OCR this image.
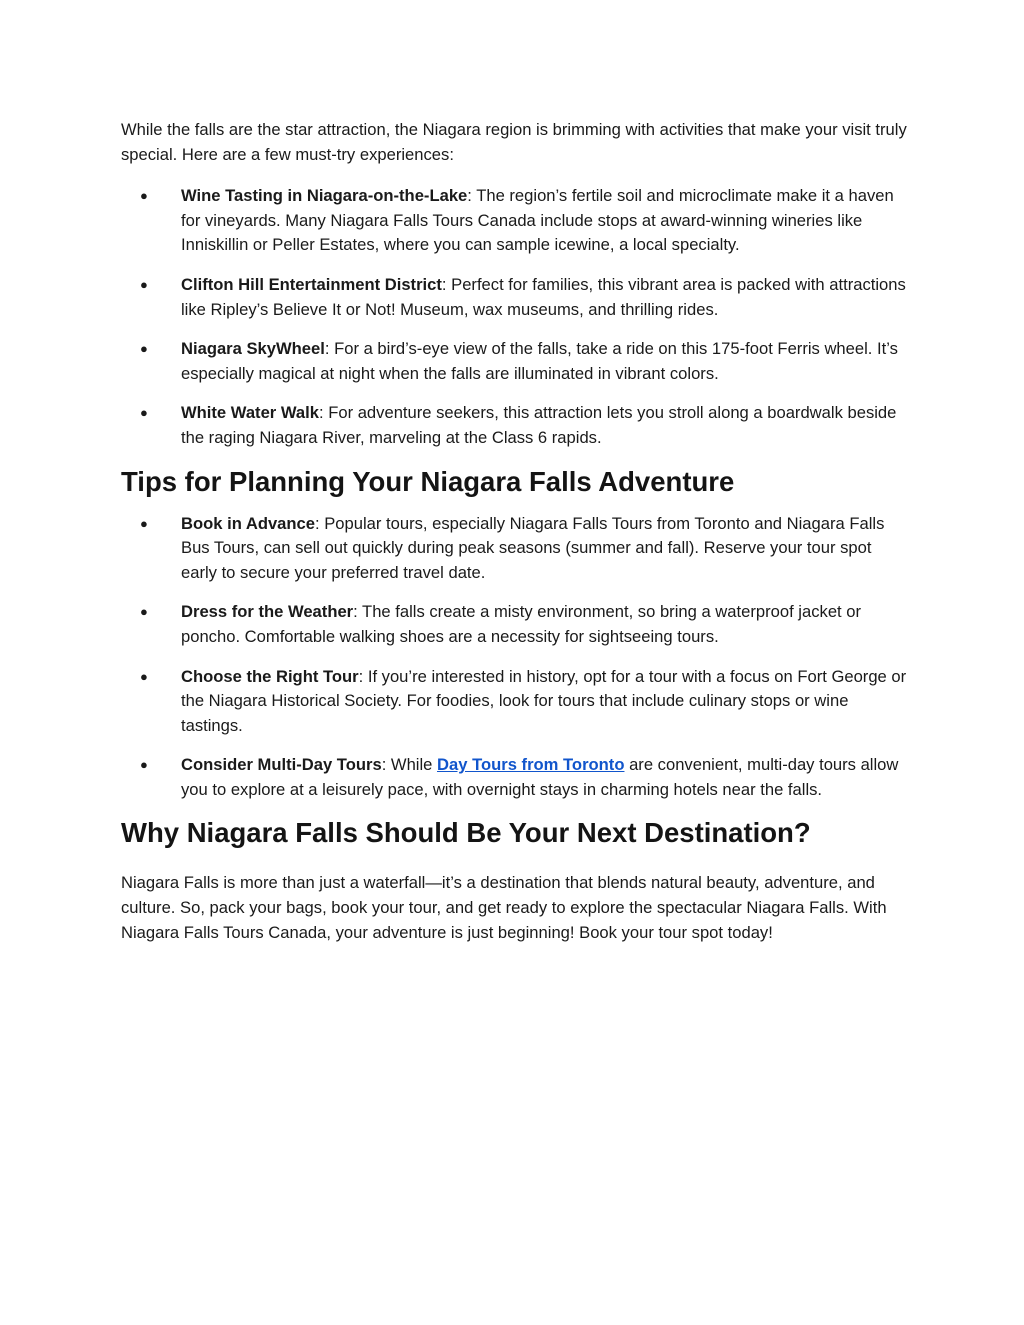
While the falls are the star attraction, the Niagara region is brimming with activities that make your visit truly special. Here are a few must-try experiences:

● Wine Tasting in Niagara-on-the-Lake: The region’s fertile soil and microclimate make it a haven for vineyards. Many Niagara Falls Tours Canada include stops at award-winning wineries like Inniskillin or Peller Estates, where you can sample icewine, a local specialty.
● Clifton Hill Entertainment District: Perfect for families, this vibrant area is packed with attractions like Ripley’s Believe It or Not! Museum, wax museums, and thrilling rides.
● Niagara SkyWheel: For a bird’s-eye view of the falls, take a ride on this 175-foot Ferris wheel. It’s especially magical at night when the falls are illuminated in vibrant colors.
● White Water Walk: For adventure seekers, this attraction lets you stroll along a boardwalk beside the raging Niagara River, marveling at the Class 6 rapids.
Tips for Planning Your Niagara Falls Adventure
● Book in Advance: Popular tours, especially Niagara Falls Tours from Toronto and Niagara Falls Bus Tours, can sell out quickly during peak seasons (summer and fall). Reserve your tour spot early to secure your preferred travel date.
● Dress for the Weather: The falls create a misty environment, so bring a waterproof jacket or poncho. Comfortable walking shoes are a necessity for sightseeing tours.
● Choose the Right Tour: If you’re interested in history, opt for a tour with a focus on Fort George or the Niagara Historical Society. For foodies, look for tours that include culinary stops or wine tastings.
● Consider Multi-Day Tours: While Day Tours from Toronto are convenient, multi-day tours allow you to explore at a leisurely pace, with overnight stays in charming hotels near the falls.
Why Niagara Falls Should Be Your Next Destination?

Niagara Falls is more than just a waterfall—it’s a destination that blends natural beauty, adventure, and culture. So, pack your bags, book your tour, and get ready to explore the spectacular Niagara Falls. With Niagara Falls Tours Canada, your adventure is just beginning! Book your tour spot today!
